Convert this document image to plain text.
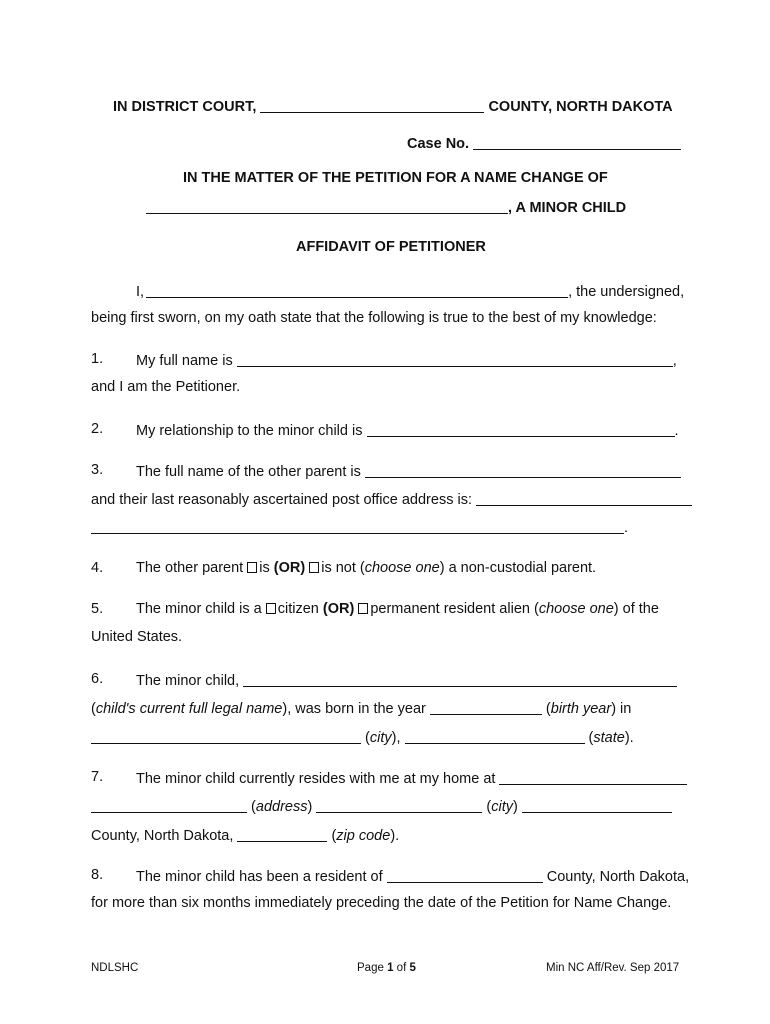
IN DISTRICT COURT,	COUNTY, NORTH DAKOTA
Case No.
IN THE MATTER OF THE PETITION FOR A NAME CHANGE OF
, A MINOR CHILD
AFFIDAVIT OF PETITIONER
I,	, the undersigned,
being first sworn, on my oath state that the following is true to the best of my knowledge:
1. My full name is	,
and I am the Petitioner.
2. My relationship to the minor child is	.
3. The full name of the other parent is
and their last reasonably ascertained post office address is:
.
4. The other parent is (OR) is not (choose one) a non-custodial parent.
5. The minor child is a citizen (OR) permanent resident alien (choose one) of the
United States.
6. The minor child,
(child's current full legal name), was born in the year	(birth year) in
(city),	(state).
7. The minor child currently resides with me at my home at
(address)	(city)
County, North Dakota,	(zip code).
8. The minor child has been a resident of	County, North Dakota,
for more than six months immediately preceding the date of the Petition for Name Change.
NDLSHC	Page 1 of 5	Min NC Aff/Rev. Sep 2017
